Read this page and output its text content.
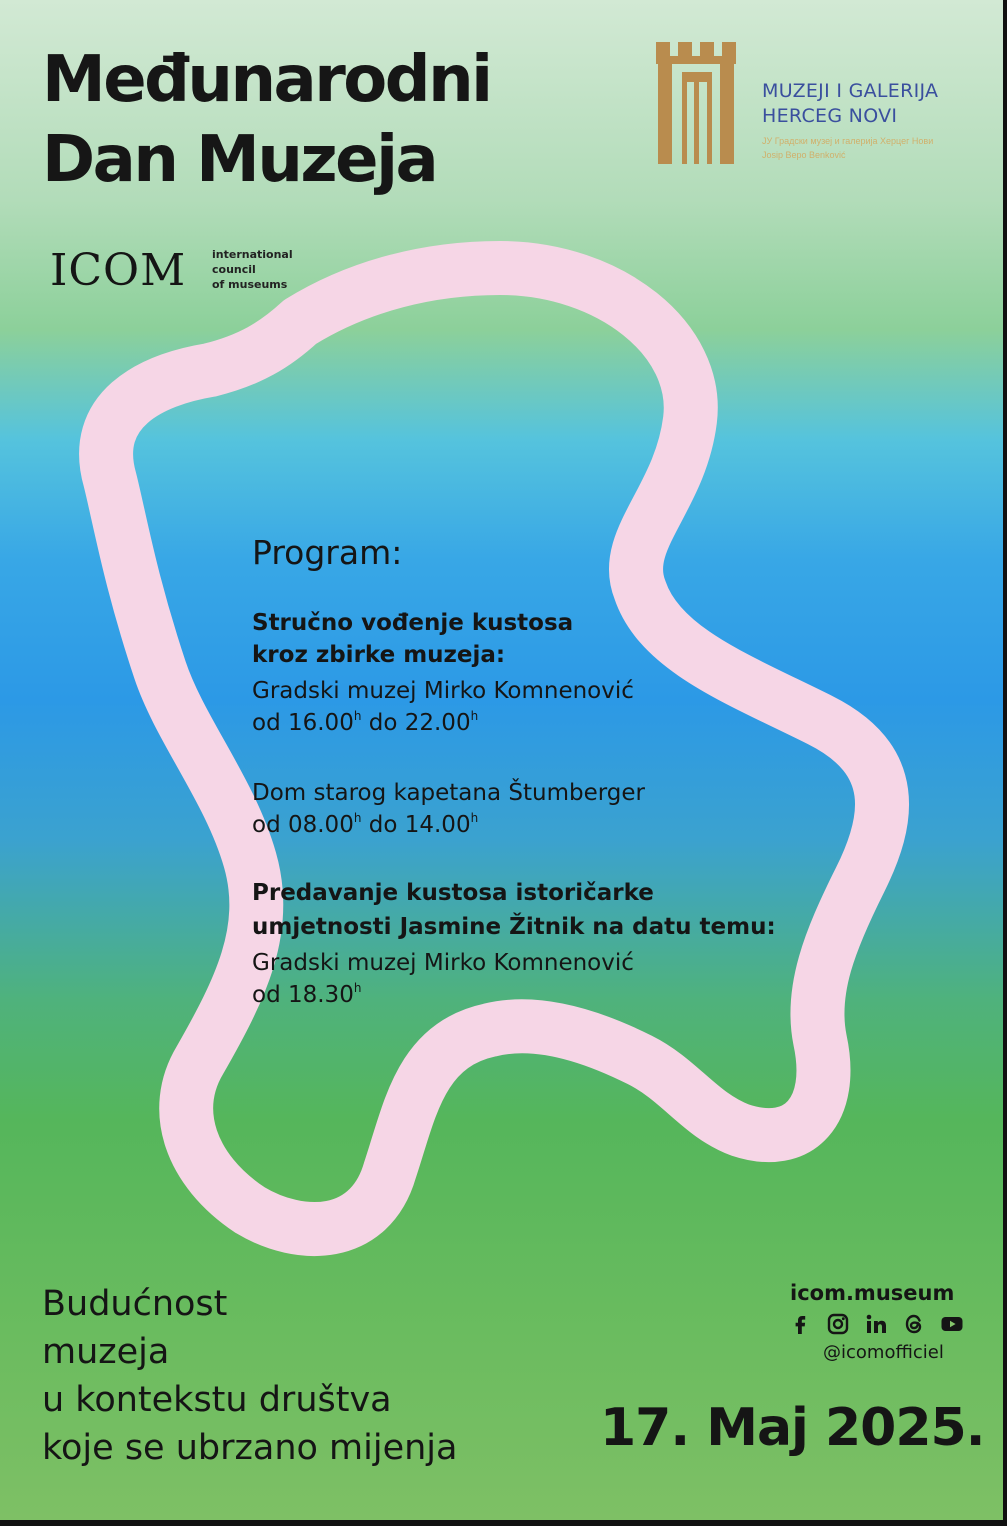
Međunarodni
Dan Muzeja
MUZEJI I GALERIJA
HERCEG NOVI
ЈУ Градски музеј и галерија Херцег Нови
Josip Bepo Benković
ICOM international
council
of museums
Program:
Stručno vođenje kustosa
kroz zbirke muzeja:
Gradski muzej Mirko Komnenović
od 16.00$^h$ do 22.00$^h$
Dom starog kapetana Štumberger
od 08.00$^h$ do 14.00$^h$
Predavanje kustosa istoričarke
umjetnosti Jasmine Žitnik na datu temu:
Gradski muzej Mirko Komnenović
od 18.30$^h$
Budućnost
muzeja
u kontekstu društva
koje se ubrzano mijenja
icom.museum
@icomofficiel
17. Maj 2025.
